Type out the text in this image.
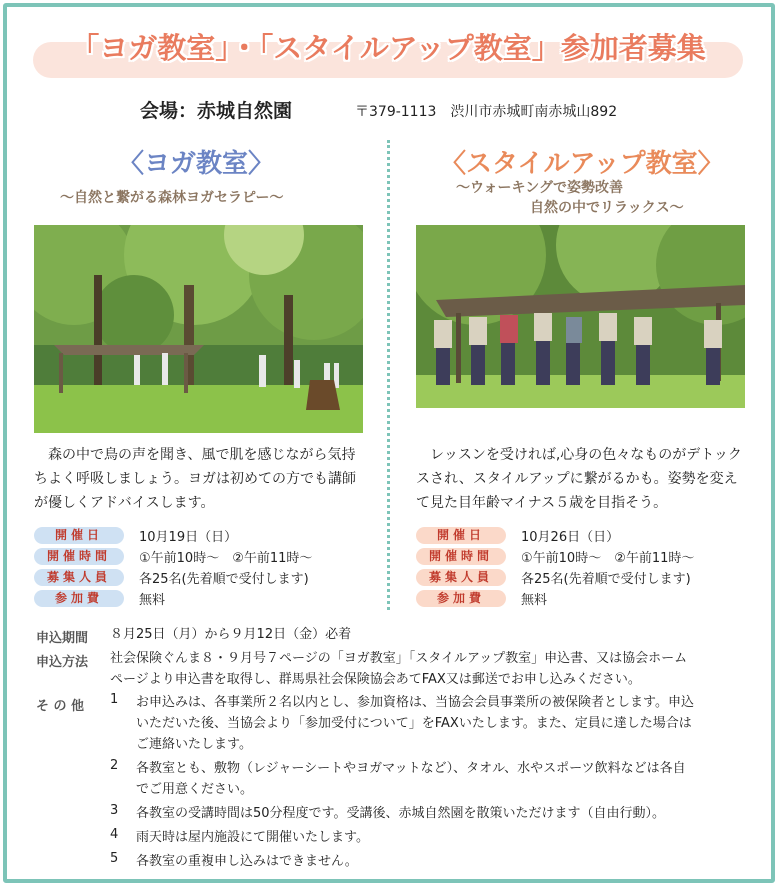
「ヨガ教室」・「スタイルアップ教室」参加者募集
会場：赤城自然園	〒379-1113　渋川市赤城町南赤城山892
〈ヨガ教室〉
～自然と繋がる森林ヨガセラピー～
森の中で鳥の声を聞き、風で肌を感じながら気持ちよく呼吸しましょう。ヨガは初めての方でも講師が優しくアドバイスします。
開催日	10月19日（日）
開催時間	①午前10時～　②午前11時～
募集人員	各25名(先着順で受付します)
参加費	無料
〈スタイルアップ教室〉
～ウォーキングで姿勢改善
自然の中でリラックス～
レッスンを受ければ,心身の色々なものがデトックスされ、スタイルアップに繋がるかも。姿勢を変えて見た目年齢マイナス５歳を目指そう。
開催日	10月26日（日）
開催時間	①午前10時～　②午前11時～
募集人員	各25名(先着順で受付します)
参加費	無料
申込期間 ８月25日（月）から９月12日（金）必着
申込方法 社会保険ぐんま８・９月号７ページの「ヨガ教室」「スタイルアップ教室」申込書、又は協会ホーム
ページより申込書を取得し、群馬県社会保険協会あてFAX又は郵送でお申し込みください。
そ の 他 1 お申込みは、各事業所２名以内とし、参加資格は、当協会会員事業所の被保険者とします。申込
いただいた後、当協会より「参加受付について」をFAXいたします。また、定員に達した場合は
ご連絡いたします。
2 各教室とも、敷物（レジャーシートやヨガマットなど）、タオル、水やスポーツ飲料などは各自
でご用意ください。
3 各教室の受講時間は50分程度です。受講後、赤城自然園を散策いただけます（自由行動）。
4 雨天時は屋内施設にて開催いたします。
5 各教室の重複申し込みはできません。
